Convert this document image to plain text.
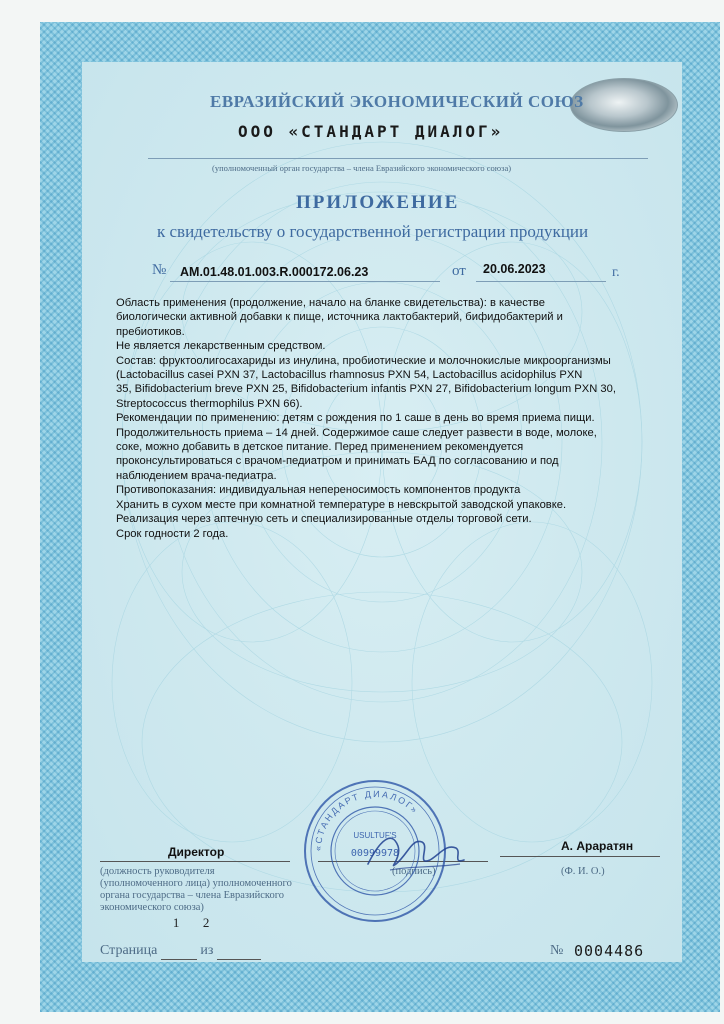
ЕВРАЗИЙСКИЙ ЭКОНОМИЧЕСКИЙ СОЮЗ
ООО «СТАНДАРТ ДИАЛОГ»
(уполномоченный орган государства – члена Евразийского экономического союза)
ПРИЛОЖЕНИЕ
к свидетельству о государственной регистрации продукции
№ AM.01.48.01.003.R.000172.06.23	от 20.06.2023	г.
Область применения (продолжение, начало на бланке свидетельства): в качестве
биологически активной добавки к пище, источника лактобактерий, бифидобактерий и
пребиотиков.
Не является лекарственным средством.
Состав: фруктоолигосахариды из инулина, пробиотические и молочнокислые микроорганизмы
(Lactobacillus casei PXN 37, Lactobacillus rhamnosus PXN 54, Lactobacillus acidophilus PXN
35, Bifidobacterium breve PXN 25, Bifidobacterium infantis PXN 27, Bifidobacterium longum PXN 30,
Streptococcus thermophilus PXN 66).
Рекомендации по применению: детям с рождения по 1 саше в день во время приема пищи.
Продолжительность приема – 14 дней. Содержимое саше следует развести в воде, молоке,
соке, можно добавить в детское питание. Перед применением рекомендуется
проконсультироваться с врачом-педиатром и принимать БАД по согласованию и под
наблюдением врача-педиатра.
Противопоказания: индивидуальная непереносимость компонентов продукта
Хранить в сухом месте при комнатной температуре в невскрытой заводской упаковке.
Реализация через аптечную сеть и специализированные отделы торговой сети.
Срок годности 2 года.
Директор	А. Араратян
(должность руководителя
(уполномоченного лица) уполномоченного
органа государства – члена Евразийского
экономического союза)
(подпись)	(Ф. И. О.)
«СТАНДАРТ ДИАЛОГ»
USULTUF'S
00999978
Страница
1
из
2

№ 0004486
